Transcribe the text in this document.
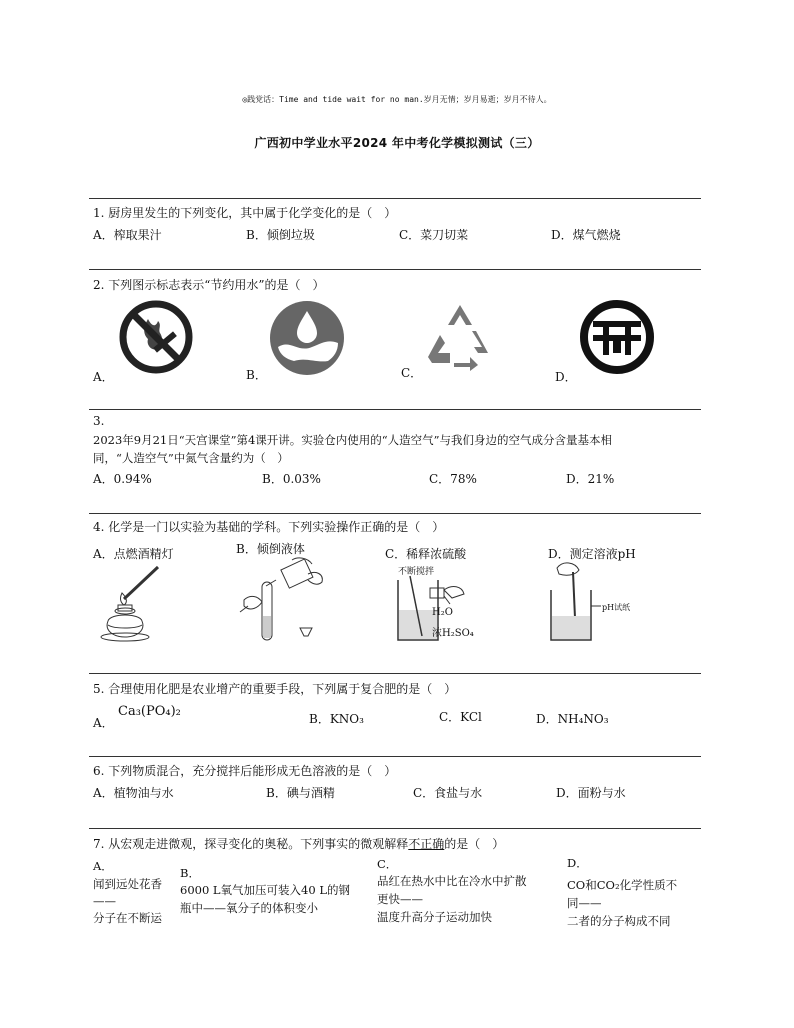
◎践党话：Time and tide wait for no man.岁月无情；岁月易逝；岁月不待人。
广西初中学业水平2024 年中考化学模拟测试（三）
1. 厨房里发生的下列变化，其中属于化学变化的是（　）
A．榨取果汁	B．倾倒垃圾	C．菜刀切菜	D．煤气燃烧
2. 下列图示标志表示“节约用水”的是（　）
A．	B．	C．	D．
3.
2023年9月21日“天宫课堂”第4课开讲。实验仓内使用的“人造空气”与我们身边的空气成分含量基本相
同，“人造空气”中氮气含量约为（　）
A．0.94%	B．0.03%	C．78%	D．21%
4. 化学是一门以实验为基础的学科。下列实验操作正确的是（　）
A．点燃酒精灯	B．倾倒液体	C．稀释浓硫酸	D．测定溶液pH
不断搅拌
H₂O
浓H₂SO₄
pH试纸
5. 合理使用化肥是农业增产的重要手段，下列属于复合肥的是（　）
A．
Ca₃(PO₄)₂	B．KNO₃	C．KCl	D．NH₄NO₃
6. 下列物质混合，充分搅拌后能形成无色溶液的是（　）
A．植物油与水	B．碘与酒精	C．食盐与水	D．面粉与水
7. 从宏观走进微观，探寻变化的奥秘。下列事实的微观解释不正确的是（　）
A．
闻到远处花香
——
分子在不断运
B．
6000 L氧气加压可装入40 L的钢
瓶中——氧分子的体积变小
C．
品红在热水中比在冷水中扩散
更快——
温度升高分子运动加快
D．
CO和CO₂化学性质不
同——
二者的分子构成不同
